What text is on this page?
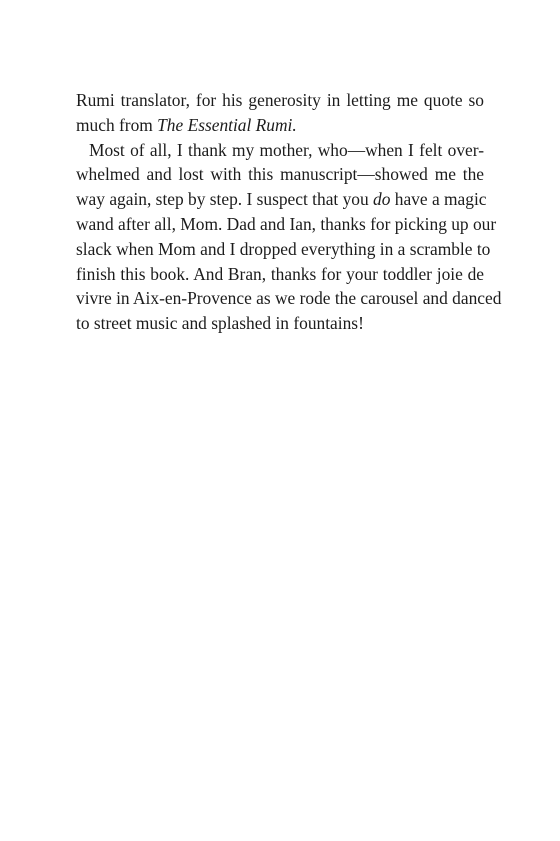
Rumi translator, for his generosity in letting me quote so
much from The Essential Rumi.
Most of all, I thank my mother, who—when I felt over-
whelmed and lost with this manuscript—showed me the
way again, step by step. I suspect that you do have a magic
wand after all, Mom. Dad and Ian, thanks for picking up our
slack when Mom and I dropped everything in a scramble to
finish this book. And Bran, thanks for your toddler joie de
vivre in Aix-en-Provence as we rode the carousel and danced
to street music and splashed in fountains!
